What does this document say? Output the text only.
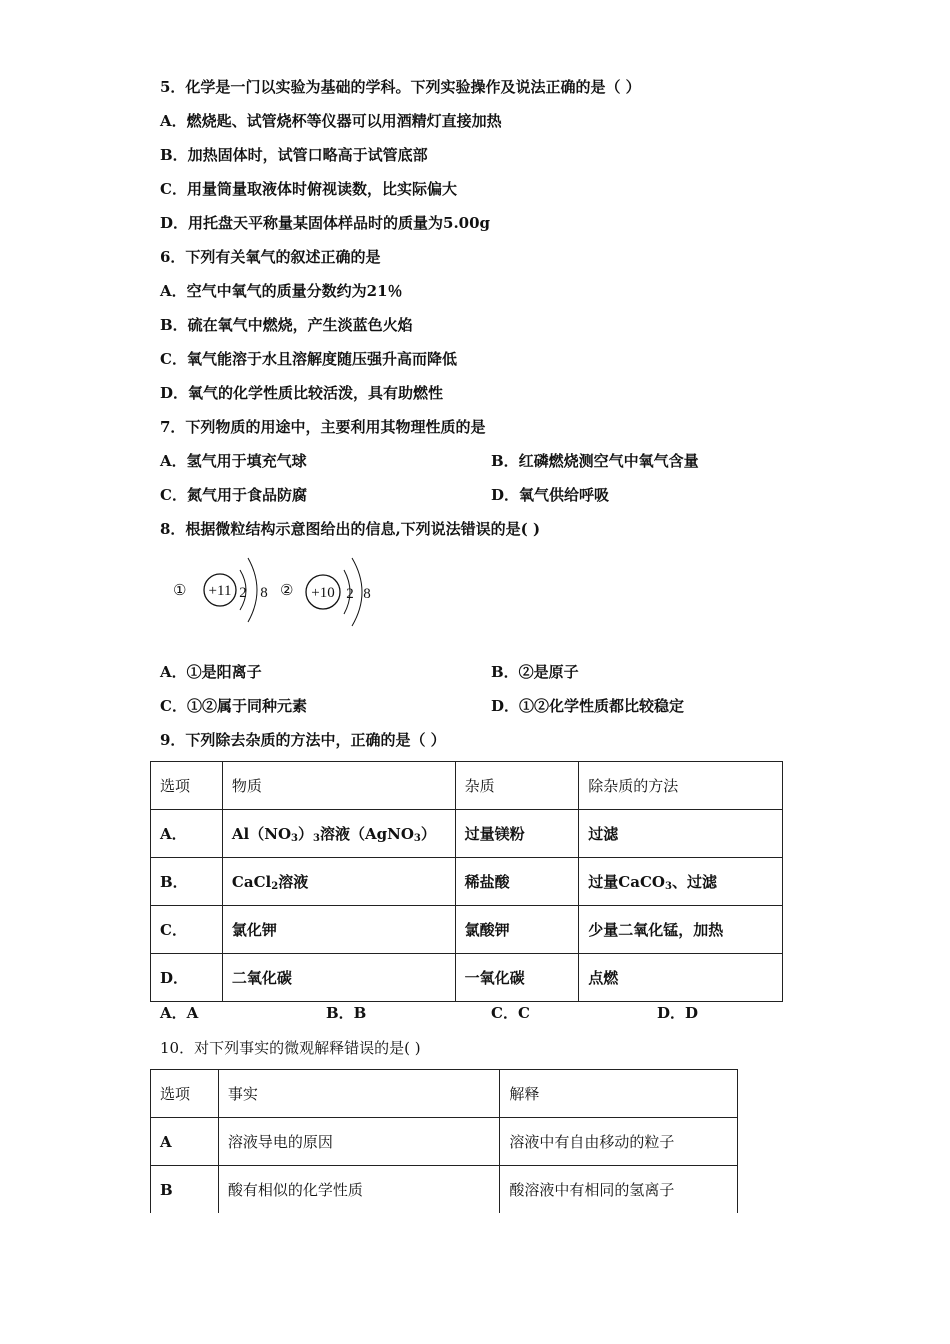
5．化学是一门以实验为基础的学科。下列实验操作及说法正确的是（ ）
A．燃烧匙、试管烧杯等仪器可以用酒精灯直接加热
B．加热固体时，试管口略高于试管底部
C．用量筒量取液体时俯视读数，比实际偏大
D．用托盘天平称量某固体样品时的质量为5.00g
6．下列有关氧气的叙述正确的是
A．空气中氧气的质量分数约为21％
B．硫在氧气中燃烧，产生淡蓝色火焰
C．氧气能溶于水且溶解度随压强升高而降低
D．氧气的化学性质比较活泼，具有助燃性
7．下列物质的用途中，主要利用其物理性质的是
A．氢气用于填充气球	B．红磷燃烧测空气中氧气含量
C．氮气用于食品防腐	D．氧气供给呼吸
8．根据微粒结构示意图给出的信息,下列说法错误的是( )
① +11 2 8 ② +10 2 8
A．①是阳离子	B．②是原子
C．①②属于同种元素	D．①②化学性质都比较稳定
9．下列除去杂质的方法中，正确的是（ ）
选项	物质	杂质	除杂质的方法
A．	$Al(NO_3)_3$溶液（AgNO$_3$）	过量镁粉	过滤
B．	CaCl$_2$溶液	稀盐酸	过量CaCO$_3$、过滤
C．	氯化钾	氯酸钾	少量二氧化锰，加热
D．	二氧化碳	一氧化碳	点燃
A．A	B．B	C．C	D．D
10．对下列事实的微观解释错误的是( )
选项	事实	解释
A	溶液导电的原因	溶液中有自由移动的粒子
B	酸有相似的化学性质	酸溶液中有相同的氢离子
